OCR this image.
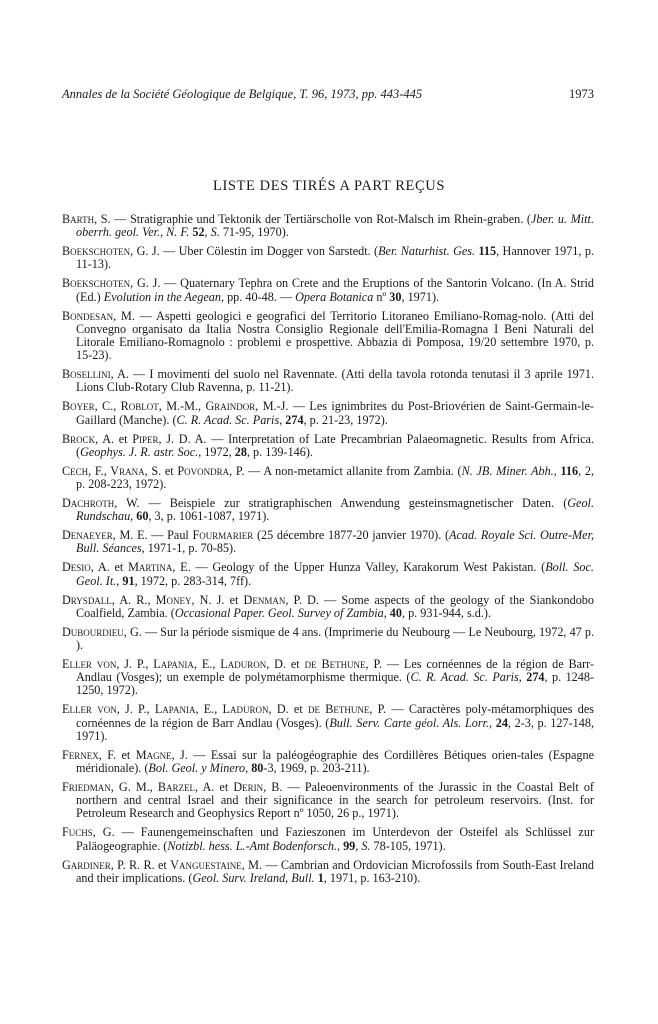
Annales de la Société Géologique de Belgique, T. 96, 1973, pp. 443-445	1973
LISTE DES TIRÉS A PART REÇUS

Barth, S. — Stratigraphie und Tektonik der Tertiärscholle von Rot-Malsch im Rhein-graben. (Jber. u. Mitt. oberrh. geol. Ver., N. F. 52, S. 71-95, 1970).

Boekschoten, G. J. — Uber Cölestin im Dogger von Sarstedt. (Ber. Naturhist. Ges. 115, Hannover 1971, p. 11-13).

Boekschoten, G. J. — Quaternary Tephra on Crete and the Eruptions of the Santorin Volcano. (In A. Strid (Ed.) Evolution in the Aegean, pp. 40-48. — Opera Botanica nº 30, 1971).

Bondesan, M. — Aspetti geologici e geografici del Territorio Litoraneo Emiliano-Romag-nolo. (Atti del Convegno organisato da Italia Nostra Consiglio Regionale dell'Emilia-Romagna I Beni Naturali del Litorale Emiliano-Romagnolo : problemi e prospettive. Abbazia di Pomposa, 19/20 settembre 1970, p. 15-23).

Bosellini, A. — I movimenti del suolo nel Ravennate. (Atti della tavola rotonda tenutasi il 3 aprile 1971. Lions Club-Rotary Club Ravenna, p. 11-21).

Boyer, C., Roblot, M.-M., Graindor, M.-J. — Les ignimbrites du Post-Briovérien de Saint-Germain-le-Gaillard (Manche). (C. R. Acad. Sc. Paris, 274, p. 21-23, 1972).

Brock, A. et Piper, J. D. A. — Interpretation of Late Precambrian Palaeomagnetic. Results from Africa. (Geophys. J. R. astr. Soc., 1972, 28, p. 139-146).

Cech, F., Vrana, S. et Povondra, P. — A non-metamict allanite from Zambia. (N. JB. Miner. Abh., 116, 2, p. 208-223, 1972).

Dachroth, W. — Beispiele zur stratigraphischen Anwendung gesteinsmagnetischer Daten. (Geol. Rundschau, 60, 3, p. 1061-1087, 1971).

Denaeyer, M. E. — Paul Fourmarier (25 décembre 1877-20 janvier 1970). (Acad. Royale Sci. Outre-Mer, Bull. Séances, 1971-1, p. 70-85).

Desio, A. et Martina, E. — Geology of the Upper Hunza Valley, Karakorum West Pakistan. (Boll. Soc. Geol. It., 91, 1972, p. 283-314, 7ff).

Drysdall, A. R., Money, N. J. et Denman, P. D. — Some aspects of the geology of the Siankondobo Coalfield, Zambia. (Occasional Paper. Geol. Survey of Zambia, 40, p. 931-944, s.d.).

Dubourdieu, G. — Sur la période sismique de 4 ans. (Imprimerie du Neubourg — Le Neubourg, 1972, 47 p. ).

Eller von, J. P., Lapania, E., Laduron, D. et de Bethune, P. — Les cornéennes de la région de Barr-Andlau (Vosges); un exemple de polymétamorphisme thermique. (C. R. Acad. Sc. Paris, 274, p. 1248-1250, 1972).

Eller von, J. P., Lapania, E., Laduron, D. et de Bethune, P. — Caractères poly-métamorphiques des cornéennes de la région de Barr Andlau (Vosges). (Bull. Serv. Carte géol. Als. Lorr., 24, 2-3, p. 127-148, 1971).

Fernex, F. et Magne, J. — Essai sur la paléogéographie des Cordillères Bétiques orien-tales (Espagne méridionale). (Bol. Geol. y Minero, 80-3, 1969, p. 203-211).

Friedman, G. M., Barzel, A. et Derin, B. — Paleoenvironments of the Jurassic in the Coastal Belt of northern and central Israel and their significance in the search for petroleum reservoirs. (Inst. for Petroleum Research and Geophysics Report nº 1050, 26 p., 1971).

Fuchs, G. — Faunengemeinschaften und Fazieszonen im Unterdevon der Osteifel als Schlüssel zur Paläogeographie. (Notizbl. hess. L.-Amt Bodenforsch., 99, S. 78-105, 1971).

Gardiner, P. R. R. et Vanguestaine, M. — Cambrian and Ordovician Microfossils from South-East Ireland and their implications. (Geol. Surv. Ireland, Bull. 1, 1971, p. 163-210).
